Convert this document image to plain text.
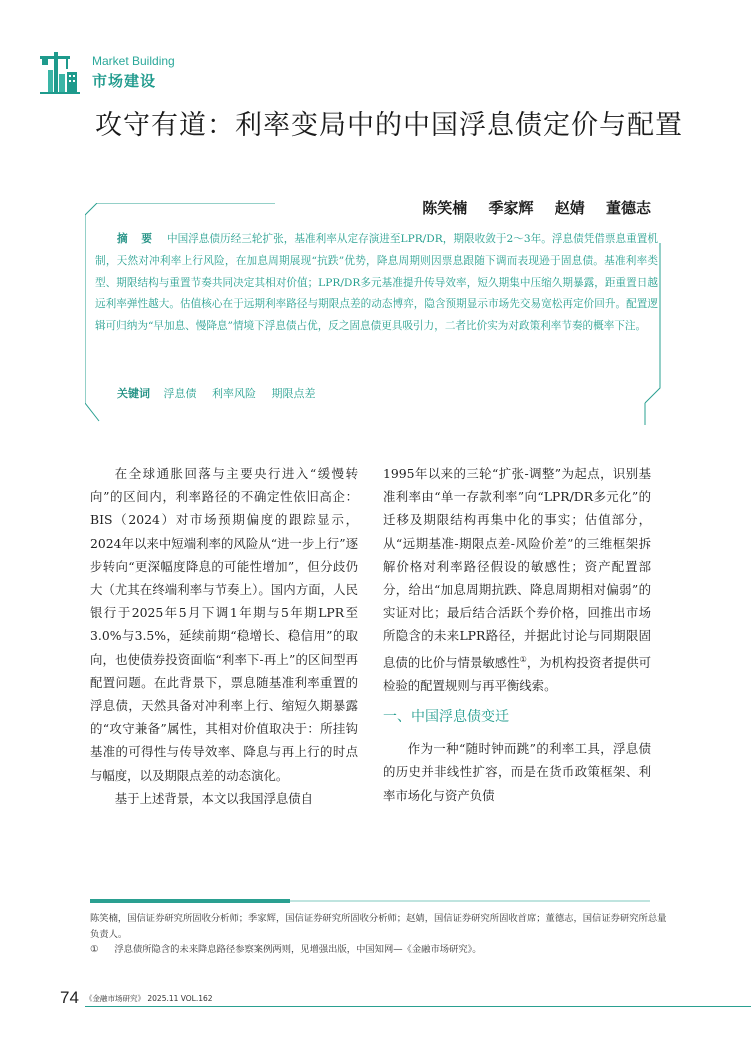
Market Building
市场建设
攻守有道：利率变局中的中国浮息债定价与配置
陈笑楠 季家辉 赵婧 董德志
摘 要 中国浮息债历经三轮扩张，基准利率从定存演进至LPR/DR，期限收敛于2～3年。浮息债凭借票息重置机制，天然对冲利率上行风险，在加息周期展现“抗跌”优势，降息周期则因票息跟随下调而表现逊于固息债。基准利率类型、期限结构与重置节奏共同决定其相对价值；LPR/DR多元基准提升传导效率，短久期集中压缩久期暴露，距重置日越远利率弹性越大。估值核心在于远期利率路径与期限点差的动态博弈，隐含预期显示市场先交易宽松再定价回升。配置逻辑可归纳为“早加息、慢降息”情境下浮息债占优，反之固息债更具吸引力，二者比价实为对政策利率节奏的概率下注。
关键词 浮息债 利率风险 期限点差

在全球通胀回落与主要央行进入“缓慢转向”的区间内，利率路径的不确定性依旧高企：BIS（2024）对市场预期偏度的跟踪显示，2024年以来中短端利率的风险从“进一步上行”逐步转向“更深幅度降息的可能性增加”，但分歧仍大（尤其在终端利率与节奏上）。国内方面，人民银行于2025年5月下调1年期与5年期LPR至3.0%与3.5%，延续前期“稳增长、稳信用”的取向，也使债券投资面临“利率下-再上”的区间型再配置问题。在此背景下，票息随基准利率重置的浮息债，天然具备对冲利率上行、缩短久期暴露的“攻守兼备”属性，其相对价值取决于：所挂钩基准的可得性与传导效率、降息与再上行的时点与幅度，以及期限点差的动态演化。

基于上述背景，本文以我国浮息债自

1995年以来的三轮“扩张-调整”为起点，识别基准利率由“单一存款利率”向“LPR/DR多元化”的迁移及期限结构再集中化的事实；估值部分，从“远期基准-期限点差-风险价差”的三维框架拆解价格对利率路径假设的敏感性；资产配置部分，给出“加息周期抗跌、降息周期相对偏弱”的实证对比；最后结合活跃个券价格，回推出市场所隐含的未来LPR路径，并据此讨论与同期限固息债的比价与情景敏感性①，为机构投资者提供可检验的配置规则与再平衡线索。

一、中国浮息债变迁

作为一种“随时钟而跳”的利率工具，浮息债的历史并非线性扩容，而是在货币政策框架、利率市场化与资产负债

陈笑楠，国信证券研究所固收分析师；季家辉，国信证券研究所固收分析师；赵婧，国信证券研究所固收首席；董德志，国信证券研究所总量负责人。
① 浮息债所隐含的未来降息路径参察案例两则，见增强出版，中国知网—《金融市场研究》。
74 《金融市场研究》 2025.11 VOL.162
